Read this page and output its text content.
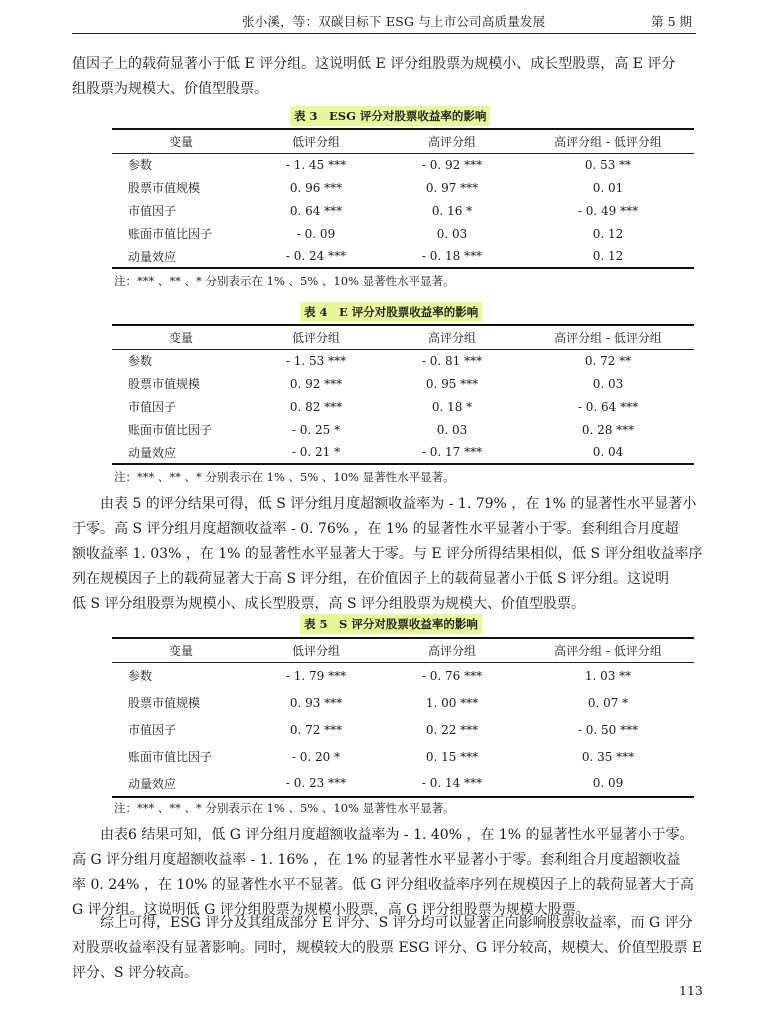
张小溪，等：双碳目标下 ESG 与上市公司高质量发展	第 5 期
值因子上的载荷显著小于低 E 评分组。这说明低 E 评分组股票为规模小、成长型股票，高 E 评分
组股票为规模大、价值型股票。
表 3　ESG 评分对股票收益率的影响
变量	低评分组	高评分组	高评分组 - 低评分组
参数	- 1. 45 ***	- 0. 92 ***	0. 53 **
股票市值规模	0. 96 ***	0. 97 ***	0. 01
市值因子	0. 64 ***	0. 16 *	- 0. 49 ***
账面市值比因子	- 0. 09	0. 03	0. 12
动量效应	- 0. 24 ***	- 0. 18 ***	0. 12
注：*** 、** 、* 分别表示在 1% 、5% 、10% 显著性水平显著。
表 4　E 评分对股票收益率的影响
变量	低评分组	高评分组	高评分组 - 低评分组
参数	- 1. 53 ***	- 0. 81 ***	0. 72 **
股票市值规模	0. 92 ***	0. 95 ***	0. 03
市值因子	0. 82 ***	0. 18 *	- 0. 64 ***
账面市值比因子	- 0. 25 *	0. 03	0. 28 ***
动量效应	- 0. 21 *	- 0. 17 ***	0. 04
注：*** 、** 、* 分别表示在 1% 、5% 、10% 显著性水平显著。
由表 5 的评分结果可得，低 S 评分组月度超额收益率为 - 1. 79% ，在 1% 的显著性水平显著小
于零。高 S 评分组月度超额收益率 - 0. 76% ，在 1% 的显著性水平显著小于零。套利组合月度超
额收益率 1. 03% ，在 1% 的显著性水平显著大于零。与 E 评分所得结果相似，低 S 评分组收益率序
列在规模因子上的载荷显著大于高 S 评分组，在价值因子上的载荷显著小于低 S 评分组。这说明
低 S 评分组股票为规模小、成长型股票，高 S 评分组股票为规模大、价值型股票。
表 5　S 评分对股票收益率的影响
变量	低评分组	高评分组	高评分组 - 低评分组
参数	- 1. 79 ***	- 0. 76 ***	1. 03 **
股票市值规模	0. 93 ***	1. 00 ***	0. 07 *
市值因子	0. 72 ***	0. 22 ***	- 0. 50 ***
账面市值比因子	- 0. 20 *	0. 15 ***	0. 35 ***
动量效应	- 0. 23 ***	- 0. 14 ***	0. 09
注：*** 、** 、* 分别表示在 1% 、5% 、10% 显著性水平显著。
由表6 结果可知，低 G 评分组月度超额收益率为 - 1. 40% ，在 1% 的显著性水平显著小于零。
高 G 评分组月度超额收益率 - 1. 16% ，在 1% 的显著性水平显著小于零。套利组合月度超额收益
率 0. 24% ，在 10% 的显著性水平不显著。低 G 评分组收益率序列在规模因子上的载荷显著大于高
G 评分组。这说明低 G 评分组股票为规模小股票，高 G 评分组股票为规模大股票。
综上可得，ESG 评分及其组成部分 E 评分、S 评分均可以显著正向影响股票收益率，而 G 评分
对股票收益率没有显著影响。同时，规模较大的股票 ESG 评分、G 评分较高，规模大、价值型股票 E
评分、S 评分较高。
113
